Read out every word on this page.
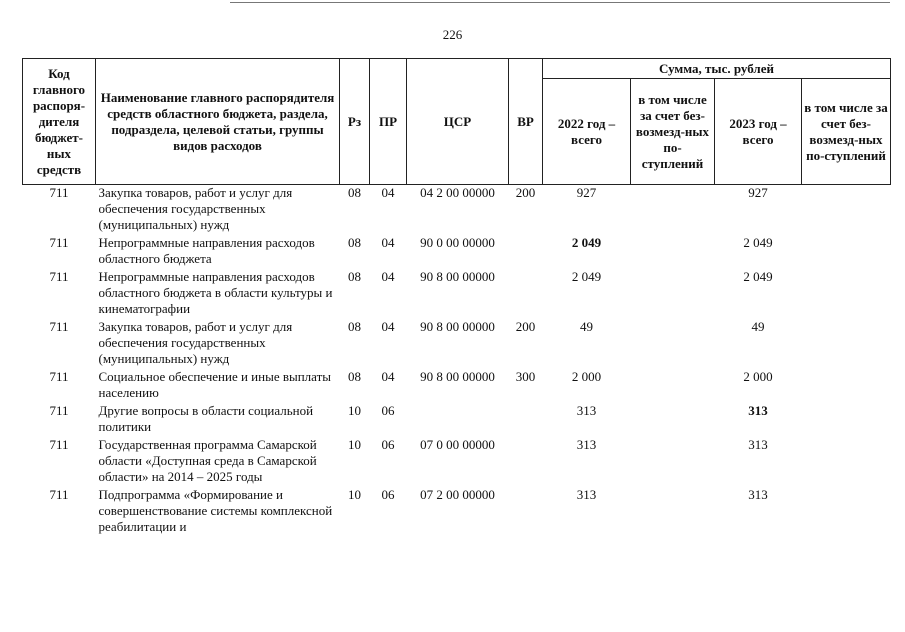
226
Код главного распоря-дителя бюджет-ных средств	Наименование главного распорядителя средств областного бюджета, раздела, подраздела, целевой статьи, группы видов расходов	Рз	ПР	ЦСР	ВР	Сумма, тыс. рублей			
						2022 год – всего	в том числе за счет без-возмезд-ных по-ступлений	2023 год – всего	в том числе за счет без-возмезд-ных по-ступлений
711	Закупка товаров, работ и услуг для обеспечения государственных (муниципальных) нужд	08	04	04 2 00 00000	200	927		927	
711	Непрограммные направления расходов областного бюджета	08	04	90 0 00 00000		2 049		2 049	
711	Непрограммные направления расходов областного бюджета в области культуры и кинематографии	08	04	90 8 00 00000		2 049		2 049	
711	Закупка товаров, работ и услуг для обеспечения государственных (муниципальных) нужд	08	04	90 8 00 00000	200	49		49	
711	Социальное обеспечение и иные выплаты населению	08	04	90 8 00 00000	300	2 000		2 000	
711	Другие вопросы в области социальной политики	10	06			313		313	
711	Государственная программа Самарской области «Доступная среда в Самарской области» на 2014 – 2025 годы	10	06	07 0 00 00000		313		313	
711	Подпрограмма «Формирование и совершенствование системы комплексной реабилитации и	10	06	07 2 00 00000		313		313	
